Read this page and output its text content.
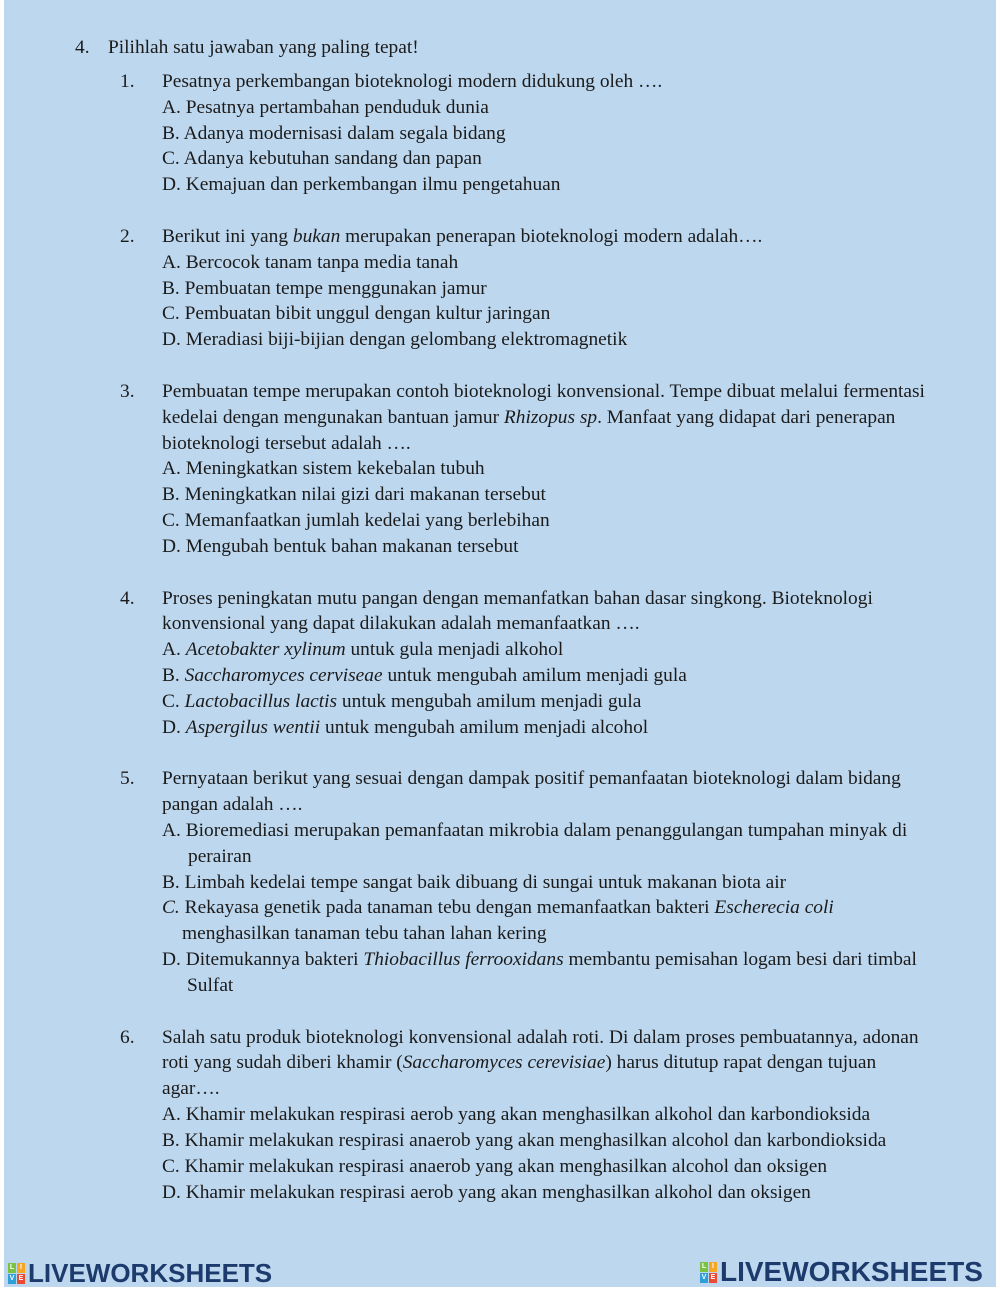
4. Pilihlah satu jawaban yang paling tepat!
1. Pesatnya perkembangan bioteknologi modern didukung oleh ….
A. Pesatnya pertambahan penduduk dunia
B. Adanya modernisasi dalam segala bidang
C. Adanya kebutuhan sandang dan papan
D. Kemajuan dan perkembangan ilmu pengetahuan
2. Berikut ini yang bukan merupakan penerapan bioteknologi modern adalah….
A. Bercocok tanam tanpa media tanah
B. Pembuatan tempe menggunakan jamur
C. Pembuatan bibit unggul dengan kultur jaringan
D. Meradiasi biji-bijian dengan gelombang elektromagnetik
3. Pembuatan tempe merupakan contoh bioteknologi konvensional. Tempe dibuat melalui fermentasi
kedelai dengan mengunakan bantuan jamur Rhizopus sp. Manfaat yang didapat dari penerapan
bioteknologi tersebut adalah ….
A. Meningkatkan sistem kekebalan tubuh
B. Meningkatkan nilai gizi dari makanan tersebut
C. Memanfaatkan jumlah kedelai yang berlebihan
D. Mengubah bentuk bahan makanan tersebut
4. Proses peningkatan mutu pangan dengan memanfatkan bahan dasar singkong. Bioteknologi
konvensional yang dapat dilakukan adalah memanfaatkan ….
A. Acetobakter xylinum untuk gula menjadi alkohol
B. Saccharomyces cerviseae untuk mengubah amilum menjadi gula
C. Lactobacillus lactis untuk mengubah amilum menjadi gula
D. Aspergilus wentii untuk mengubah amilum menjadi alcohol
5. Pernyataan berikut yang sesuai dengan dampak positif pemanfaatan bioteknologi dalam bidang
pangan adalah ….
A. Bioremediasi merupakan pemanfaatan mikrobia dalam penanggulangan tumpahan minyak di
perairan
B. Limbah kedelai tempe sangat baik dibuang di sungai untuk makanan biota air
C. Rekayasa genetik pada tanaman tebu dengan memanfaatkan bakteri Escherecia coli
menghasilkan tanaman tebu tahan lahan kering
D. Ditemukannya bakteri Thiobacillus ferrooxidans membantu pemisahan logam besi dari timbal
Sulfat
6. Salah satu produk bioteknologi konvensional adalah roti. Di dalam proses pembuatannya, adonan
roti yang sudah diberi khamir (Saccharomyces cerevisiae) harus ditutup rapat dengan tujuan
agar….
A. Khamir melakukan respirasi aerob yang akan menghasilkan alkohol dan karbondioksida
B. Khamir melakukan respirasi anaerob yang akan menghasilkan alcohol dan karbondioksida
C. Khamir melakukan respirasi anaerob yang akan menghasilkan alcohol dan oksigen
D. Khamir melakukan respirasi aerob yang akan menghasilkan alkohol dan oksigen
L I
V E LIVEWORKSHEETS	L I
V E LIVEWORKSHEETS
